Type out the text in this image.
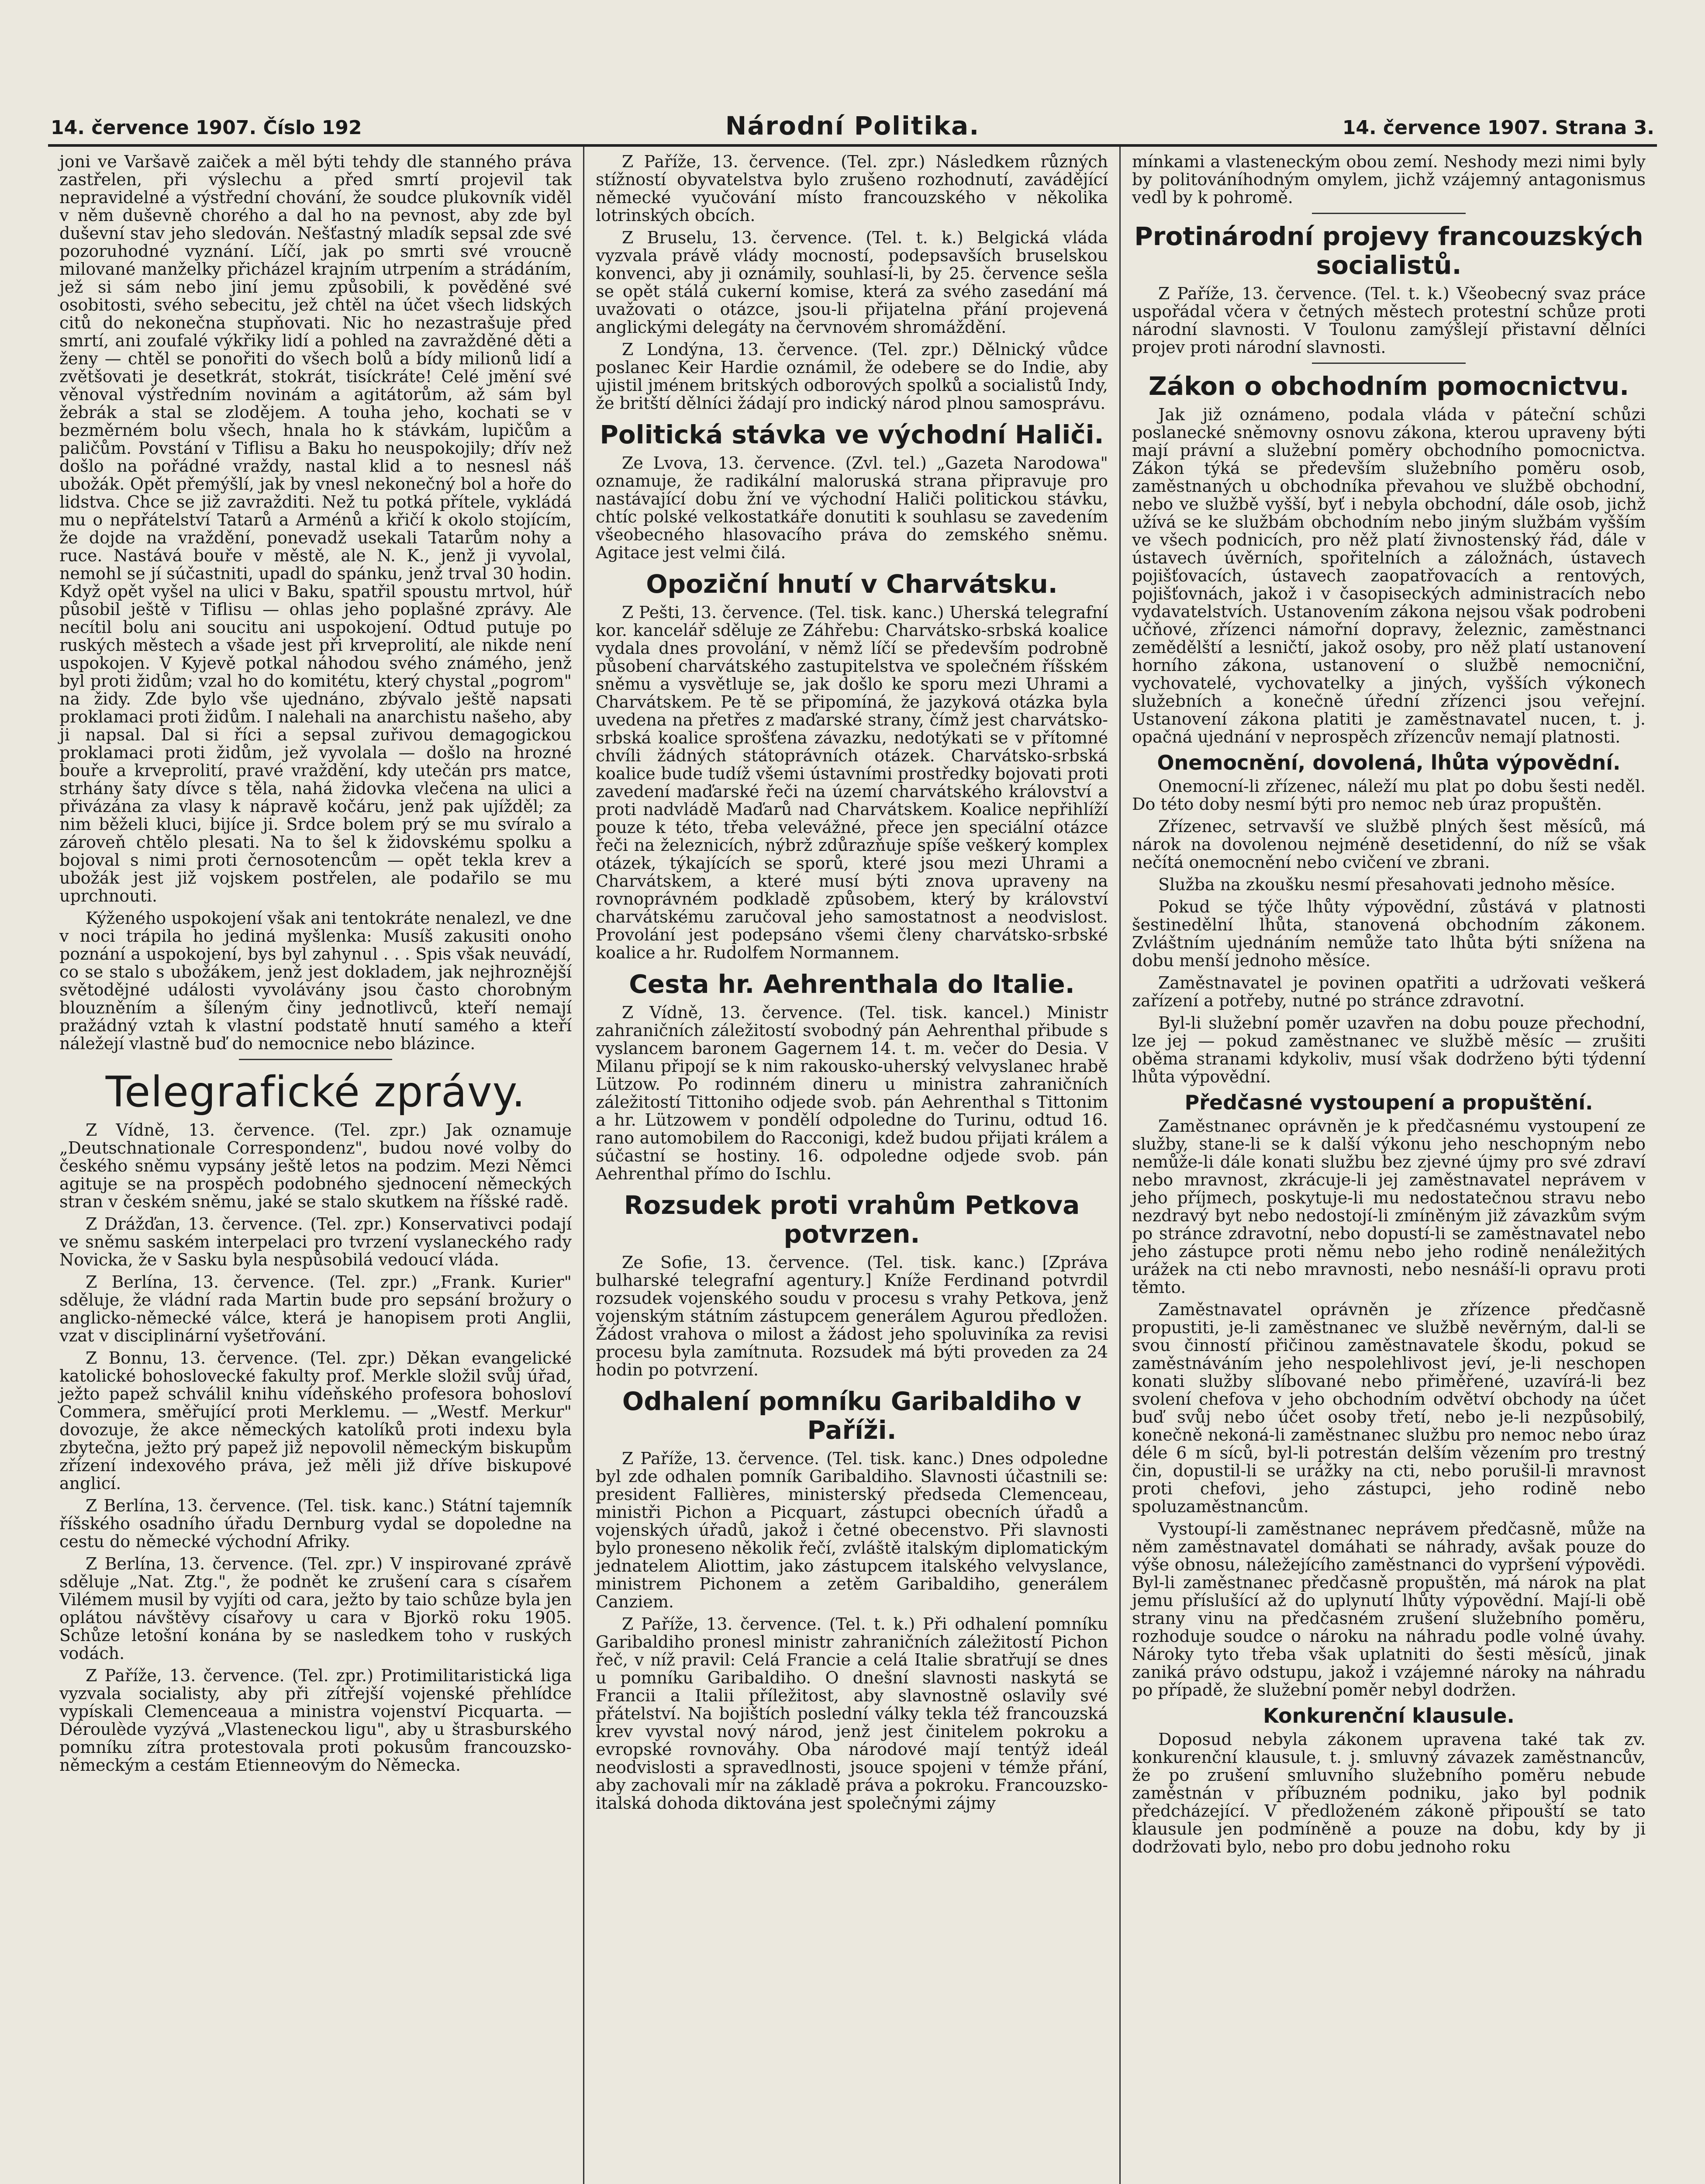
14. července 1907. Číslo 192	Národní Politika.	14. července 1907. Strana 3.

joni ve Varšavě zaiček a měl býti tehdy dle stanného práva zastřelen, při výslechu a před smrtí projevil tak nepravidelné a výstřední chování, že soudce plukovník viděl v něm duševně chorého a dal ho na pevnost, aby zde byl duševní stav jeho sledován. Nešťastný mladík sepsal zde své pozoruhodné vyznání. Líčí, jak po smrti své vroucně milované manželky přicházel krajním utrpením a strádáním, jež si sám nebo jiní jemu způsobili, k pověděné své osobitosti, svého sebecitu, jež chtěl na účet všech lidských citů do nekonečna stupňovati. Nic ho nezastrašuje před smrtí, ani zoufalé výkřiky lidí a pohled na zavražděné děti a ženy — chtěl se ponořiti do všech bolů a bídy milionů lidí a zvětšovati je desetkrát, stokrát, tisíckráte! Celé jmění své věnoval výstředním novinám a agitátorům, až sám byl žebrák a stal se zlodějem. A touha jeho, kochati se v bezměrném bolu všech, hnala ho k stávkám, lupičům a paličům. Povstání v Tiflisu a Baku ho neuspokojily; dřív než došlo na pořádné vraždy, nastal klid a to nesnesl náš ubožák. Opět přemýšlí, jak by vnesl nekonečný bol a hoře do lidstva. Chce se již zavražditi. Než tu potká přítele, vykládá mu o nepřátelství Tatarů a Arménů a křičí k okolo stojícím, že dojde na vraždění, ponevadž usekali Tatarům nohy a ruce. Nastává bouře v městě, ale N. K., jenž ji vyvolal, nemohl se jí súčastniti, upadl do spánku, jenž trval 30 hodin. Když opět vyšel na ulici v Baku, spatřil spoustu mrtvol, húř působil ještě v Tiflisu — ohlas jeho poplašné zprávy. Ale necítil bolu ani soucitu ani uspokojení. Odtud putuje po ruských městech a všade jest při krveprolití, ale nikde není uspokojen. V Kyjevě potkal náhodou svého známého, jenž byl proti židům; vzal ho do komitétu, který chystal „pogrom" na židy. Zde bylo vše ujednáno, zbývalo ještě napsati proklamaci proti židům. I nalehali na anarchistu našeho, aby ji napsal. Dal si říci a sepsal zuřivou demagogickou proklamaci proti židům, jež vyvolala — došlo na hrozné bouře a krveprolití, pravé vraždění, kdy utečán prs matce, strhány šaty dívce s těla, nahá židovka vlečena na ulici a přivázána za vlasy k nápravě kočáru, jenž pak ujížděl; za nim běželi kluci, bijíce ji. Srdce bolem prý se mu svíralo a zároveň chtělo plesati. Na to šel k židovskému spolku a bojoval s nimi proti černosotencům — opět tekla krev a ubožák jest již vojskem postřelen, ale podařilo se mu uprchnouti.

Kýženého uspokojení však ani tentokráte nenalezl, ve dne v noci trápila ho jediná myšlenka: Musíš zakusiti onoho poznání a uspokojení, bys byl zahynul . . . Spis však neuvádí, co se stalo s ubožákem, jenž jest dokladem, jak nejhroznější světodějné události vyvolávány jsou často chorobným blouzněním a šíleným činy jednotlivců, kteří nemají pražádný vztah k vlastní podstatě hnutí samého a kteří náležejí vlastně buď do nemocnice nebo blázince.

Telegrafické zprávy.

Z Vídně, 13. července. (Tel. zpr.) Jak oznamuje „Deutschnationale Correspondenz", budou nové volby do českého sněmu vypsány ještě letos na podzim. Mezi Němci agituje se na prospěch podobného sjednocení německých stran v českém sněmu, jaké se stalo skutkem na říšské radě.

Z Drážďan, 13. července. (Tel. zpr.) Konservativci podají ve sněmu saském interpelaci pro tvrzení vyslaneckého rady Novicka, že v Sasku byla nespůsobilá vedoucí vláda.

Z Berlína, 13. července. (Tel. zpr.) „Frank. Kurier" sděluje, že vládní rada Martin bude pro sepsání brožury o anglicko-německé válce, která je hanopisem proti Anglii, vzat v disciplinární vyšetřování.

Z Bonnu, 13. července. (Tel. zpr.) Děkan evangelické katolické bohoslovecké fakulty prof. Merkle složil svůj úřad, ježto papež schválil knihu vídeňského profesora bohosloví Commera, směřující proti Merklemu. — „Westf. Merkur" dovozuje, že akce německých katolíků proti indexu byla zbytečna, ježto prý papež již nepovolil německým biskupům zřízení indexového práva, jež měli již dříve biskupové anglicí.

Z Berlína, 13. července. (Tel. tisk. kanc.) Státní tajemník říšského osadního úřadu Dernburg vydal se dopoledne na cestu do německé východní Afriky.

Z Berlína, 13. července. (Tel. zpr.) V inspirované zprávě sděluje „Nat. Ztg.", že podnět ke zrušení cara s císařem Vilémem musil by vyjíti od cara, ježto by taio schůze byla jen oplátou návštěvy císařovy u cara v Bjorkö roku 1905. Schůze letošní konána by se nasledkem toho v ruských vodách.

Z Paříže, 13. července. (Tel. zpr.) Protimilitaristická liga vyzvala socialisty, aby při zítřejší vojenské přehlídce vypískali Clemenceaua a ministra vojenství Picquarta. — Déroulède vyzývá „Vlasteneckou ligu", aby u štrasburského pomníku zítra protestovala proti pokusům francouzsko-německým a cestám Etienneovým do Německa.

Z Paříže, 13. července. (Tel. zpr.) Následkem různých stížností obyvatelstva bylo zrušeno rozhodnutí, zavádějící německé vyučování místo francouzského v několika lotrinských obcích.

Z Bruselu, 13. července. (Tel. t. k.) Belgická vláda vyzvala právě vlády mocností, podepsavších bruselskou konvenci, aby ji oznámily, souhlasí-li, by 25. července sešla se opět stálá cukerní komise, která za svého zasedání má uvažovati o otázce, jsou-li přijatelna přání projevená anglickými delegáty na červnovém shromáždění.

Z Londýna, 13. července. (Tel. zpr.) Dělnický vůdce poslanec Keir Hardie oznámil, že odebere se do Indie, aby ujistil jménem britských odborových spolků a socialistů Indy, že britští dělníci žádají pro indický národ plnou samosprávu.

Politická stávka ve východní Haliči.

Ze Lvova, 13. července. (Zvl. tel.) „Gazeta Narodowa" oznamuje, že radikální maloruská strana připravuje pro nastávající dobu žní ve východní Haliči politickou stávku, chtíc polské velkostatkáře donutiti k souhlasu se zavedením všeobecného hlasovacího práva do zemského sněmu. Agitace jest velmi čilá.

Opoziční hnutí v Charvátsku.

Z Pešti, 13. července. (Tel. tisk. kanc.) Uherská telegrafní kor. kancelář sděluje ze Záhřebu: Charvátsko-srbská koalice vydala dnes provolání, v němž líčí se především podrobně působení charvátského zastupitelstva ve společném říšském sněmu a vysvětluje se, jak došlo ke sporu mezi Uhrami a Charvátskem. Pe tě se připomíná, že jazyková otázka byla uvedena na přetřes z maďarské strany, čímž jest charvátsko-srbská koalice sprošťena závazku, nedotýkati se v přítomné chvíli žádných státoprávních otázek. Charvátsko-srbská koalice bude tudíž všemi ústavními prostředky bojovati proti zavedení maďarské řeči na území charvátského království a proti nadvládě Maďarů nad Charvátskem. Koalice nepřihlíží pouze k této, třeba velevážné, přece jen speciální otázce řeči na železnicích, nýbrž zdůrazňuje spíše veškerý komplex otázek, týkajících se sporů, které jsou mezi Uhrami a Charvátskem, a které musí býti znova upraveny na rovnoprávném podkladě způsobem, který by království charvátskému zaručoval jeho samostatnost a neodvislost. Provolání jest podepsáno všemi členy charvátsko-srbské koalice a hr. Rudolfem Normannem.

Cesta hr. Aehrenthala do Italie.

Z Vídně, 13. července. (Tel. tisk. kancel.) Ministr zahraničních záležitostí svobodný pán Aehrenthal přibude s vyslancem baronem Gagernem 14. t. m. večer do Desia. V Milanu připojí se k nim rakousko-uherský velvyslanec hrabě Lützow. Po rodinném dineru u ministra zahraničních záležitostí Tittoniho odjede svob. pán Aehrenthal s Tittonim a hr. Lützowem v pondělí odpoledne do Turinu, odtud 16. rano automobilem do Racconigi, kdež budou přijati králem a súčastní se hostiny. 16. odpoledne odjede svob. pán Aehrenthal přímo do Ischlu.

Rozsudek proti vrahům Petkova potvrzen.

Ze Sofie, 13. července. (Tel. tisk. kanc.) [Zpráva bulharské telegrafní agentury.] Kníže Ferdinand potvrdil rozsudek vojenského soudu v procesu s vrahy Petkova, jenž vojenským státním zástupcem generálem Agurou předložen. Žádost vrahova o milost a žádost jeho spoluviníka za revisi procesu byla zamítnuta. Rozsudek má býti proveden za 24 hodin po potvrzení.

Odhalení pomníku Garibaldiho v Paříži.

Z Paříže, 13. července. (Tel. tisk. kanc.) Dnes odpoledne byl zde odhalen pomník Garibaldiho. Slavnosti účastnili se: president Fallières, ministerský předseda Clemenceau, ministři Pichon a Picquart, zástupci obecních úřadů a vojenských úřadů, jakož i četné obecenstvo. Při slavnosti bylo proneseno několik řečí, zvláště italským diplomatickým jednatelem Aliottim, jako zástupcem italského velvyslance, ministrem Pichonem a zetěm Garibaldiho, generálem Canziem.

Z Paříže, 13. července. (Tel. t. k.) Při odhalení pomníku Garibaldiho pronesl ministr zahraničních záležitostí Pichon řeč, v níž pravil: Celá Francie a celá Italie sbratřují se dnes u pomníku Garibaldiho. O dnešní slavnosti naskytá se Francii a Italii příležitost, aby slavnostně oslavily své přátelství. Na bojištích poslední války tekla též francouzská krev vyvstal nový národ, jenž jest činitelem pokroku a evropské rovnováhy. Oba národové mají tentýž ideál neodvislosti a spravedlnosti, jsouce spojeni v témže přání, aby zachovali mír na základě práva a pokroku. Francouzsko-italská dohoda diktována jest společnými zájmy

mínkami a vlasteneckým obou zemí. Neshody mezi nimi byly by politováníhodným omylem, jichž vzájemný antagonismus vedl by k pohromě.

Protinárodní projevy francouzských socialistů.

Z Paříže, 13. července. (Tel. t. k.) Všeobecný svaz práce uspořádal včera v četných městech protestní schůze proti národní slavnosti. V Toulonu zamýšlejí přistavní dělníci projev proti národní slavnosti.

Zákon o obchodním pomocnictvu.

Jak již oznámeno, podala vláda v páteční schůzi poslanecké sněmovny osnovu zákona, kterou upraveny býti mají právní a služební poměry obchodního pomocnictva. Zákon týká se především služebního poměru osob, zaměstnaných u obchodníka převahou ve službě obchodní, nebo ve službě vyšší, byť i nebyla obchodní, dále osob, jichž užívá se ke službám obchodním nebo jiným službám vyšším ve všech podnicích, pro něž platí živnostenský řád, dále v ústavech úvěrních, spořitelních a záložnách, ústavech pojišťovacích, ústavech zaopatřovacích a rentových, pojišťovnách, jakož i v časopiseckých administracích nebo vydavatelstvích. Ustanovením zákona nejsou však podrobeni učňové, zřízenci námořní dopravy, železnic, zaměstnanci zemědělští a lesničtí, jakož osoby, pro něž platí ustanovení horního zákona, ustanovení o službě nemocniční, vychovatelé, vychovatelky a jiných, vyšších výkonech služebních a konečně úřední zřízenci jsou veřejní. Ustanovení zákona platiti je zaměstnavatel nucen, t. j. opačná ujednání v neprospěch zřízencův nemají platnosti.

Onemocnění, dovolená, lhůta výpovědní.

Onemocní-li zřízenec, náleží mu plat po dobu šesti neděl. Do této doby nesmí býti pro nemoc neb úraz propuštěn.

Zřízenec, setrvavší ve službě plných šest měsíců, má nárok na dovolenou nejméně desetidenní, do níž se však nečítá onemocnění nebo cvičení ve zbrani.

Služba na zkoušku nesmí přesahovati jednoho měsíce.

Pokud se týče lhůty výpovědní, zůstává v platnosti šestinedělní lhůta, stanovená obchodním zákonem. Zvláštním ujednáním nemůže tato lhůta býti snížena na dobu menší jednoho měsíce.

Zaměstnavatel je povinen opatřiti a udržovati veškerá zařízení a potřeby, nutné po stránce zdravotní.

Byl-li služební poměr uzavřen na dobu pouze přechodní, lze jej — pokud zaměstnanec ve službě měsíc — zrušiti oběma stranami kdykoliv, musí však dodrženo býti týdenní lhůta výpovědní.

Předčasné vystoupení a propuštění.

Zaměstnanec oprávněn je k předčasnému vystoupení ze služby, stane-li se k další výkonu jeho neschopným nebo nemůže-li dále konati službu bez zjevné újmy pro své zdraví nebo mravnost, zkrácuje-li jej zaměstnavatel neprávem v jeho příjmech, poskytuje-li mu nedostatečnou stravu nebo nezdravý byt nebo nedostojí-li zmíněným již závazkům svým po stránce zdravotní, nebo dopustí-li se zaměstnavatel nebo jeho zástupce proti němu nebo jeho rodině nenáležitých urážek na cti nebo mravnosti, nebo nesnáší-li opravu proti těmto.

Zaměstnavatel oprávněn je zřízence předčasně propustiti, je-li zaměstnanec ve službě nevěrným, dal-li se svou činností přičinou zaměstnavatele škodu, pokud se zaměstnáváním jeho nespolehlivost jeví, je-li neschopen konati služby slíbované nebo přiměřené, uzavírá-li bez svolení chefova v jeho obchodním odvětví obchody na účet buď svůj nebo účet osoby třetí, nebo je-li nezpůsobilý, konečně nekoná-li zaměstnanec službu pro nemoc nebo úraz déle 6 m síců, byl-li potrestán delším vězením pro trestný čin, dopustil-li se urážky na cti, nebo porušil-li mravnost proti chefovi, jeho zástupci, jeho rodině nebo spoluzaměstnancům.

Vystoupí-li zaměstnanec neprávem předčasně, může na něm zaměstnavatel domáhati se náhrady, avšak pouze do výše obnosu, náležejícího zaměstnanci do vypršení výpovědi. Byl-li zaměstnanec předčasně propuštěn, má nárok na plat jemu příslušící až do uplynutí lhůty výpovědní. Mají-li obě strany vinu na předčasném zrušení služebního poměru, rozhoduje soudce o nároku na náhradu podle volné úvahy. Nároky tyto třeba však uplatniti do šesti měsíců, jinak zaniká právo odstupu, jakož i vzájemné nároky na náhradu po případě, že služební poměr nebyl dodržen.

Konkurenční klausule.

Doposud nebyla zákonem upravena také tak zv. konkurenční klausule, t. j. smluvný závazek zaměstnancův, že po zrušení smluvního služebního poměru nebude zaměstnán v příbuzném podniku, jako byl podnik předcházející. V předloženém zákoně připouští se tato klausule jen podmíněně a pouze na dobu, kdy by ji dodržovati bylo, nebo pro dobu jednoho roku
